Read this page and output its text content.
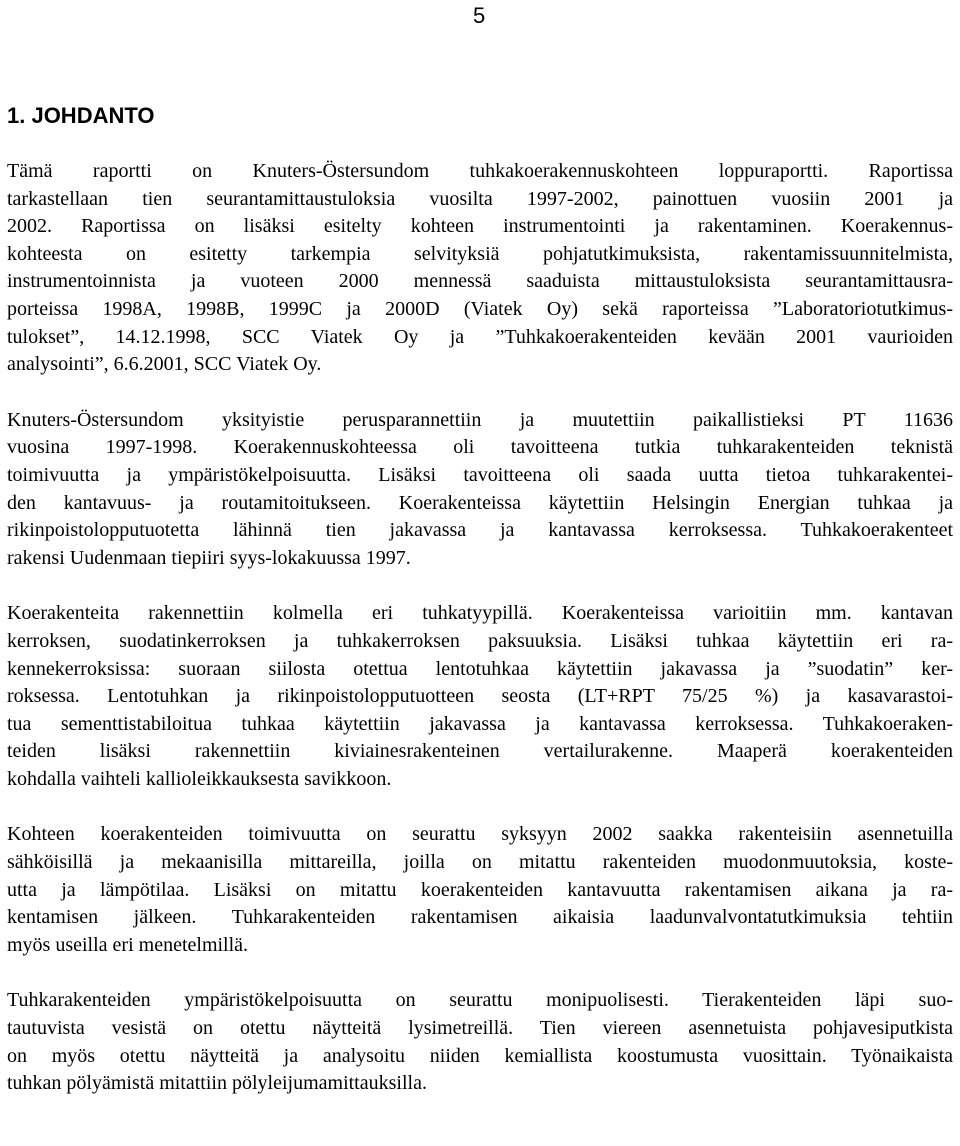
5
1. JOHDANTO

Tämä raportti on Knuters-Östersundom tuhkakoerakennuskohteen loppuraportti. Raportissa
tarkastellaan tien seurantamittaustuloksia vuosilta 1997-2002, painottuen vuosiin 2001 ja
2002. Raportissa on lisäksi esitelty kohteen instrumentointi ja rakentaminen. Koerakennus-
kohteesta on esitetty tarkempia selvityksiä pohjatutkimuksista, rakentamissuunnitelmista,
instrumentoinnista ja vuoteen 2000 mennessä saaduista mittaustuloksista seurantamittausra-
porteissa 1998A, 1998B, 1999C ja 2000D (Viatek Oy) sekä raporteissa ”Laboratoriotutkimus-
tulokset”, 14.12.1998, SCC Viatek Oy ja ”Tuhkakoerakenteiden kevään 2001 vaurioiden
analysointi”, 6.6.2001, SCC Viatek Oy.

Knuters-Östersundom yksityistie perusparannettiin ja muutettiin paikallistieksi PT 11636
vuosina 1997-1998. Koerakennuskohteessa oli tavoitteena tutkia tuhkarakenteiden teknistä
toimivuutta ja ympäristökelpoisuutta. Lisäksi tavoitteena oli saada uutta tietoa tuhkarakentei-
den kantavuus- ja routamitoitukseen. Koerakenteissa käytettiin Helsingin Energian tuhkaa ja
rikinpoistolopputuotetta lähinnä tien jakavassa ja kantavassa kerroksessa. Tuhkakoerakenteet
rakensi Uudenmaan tiepiiri syys-lokakuussa 1997.

Koerakenteita rakennettiin kolmella eri tuhkatyypillä. Koerakenteissa varioitiin mm. kantavan
kerroksen, suodatinkerroksen ja tuhkakerroksen paksuuksia. Lisäksi tuhkaa käytettiin eri ra-
kennekerroksissa: suoraan siilosta otettua lentotuhkaa käytettiin jakavassa ja ”suodatin” ker-
roksessa. Lentotuhkan ja rikinpoistolopputuotteen seosta (LT+RPT 75/25 %) ja kasavarastoi-
tua sementtistabiloitua tuhkaa käytettiin jakavassa ja kantavassa kerroksessa. Tuhkakoeraken-
teiden lisäksi rakennettiin kiviainesrakenteinen vertailurakenne. Maaperä koerakenteiden
kohdalla vaihteli kallioleikkauksesta savikkoon.

Kohteen koerakenteiden toimivuutta on seurattu syksyyn 2002 saakka rakenteisiin asennetuilla
sähköisillä ja mekaanisilla mittareilla, joilla on mitattu rakenteiden muodonmuutoksia, koste-
utta ja lämpötilaa. Lisäksi on mitattu koerakenteiden kantavuutta rakentamisen aikana ja ra-
kentamisen jälkeen. Tuhkarakenteiden rakentamisen aikaisia laadunvalvontatutkimuksia tehtiin
myös useilla eri menetelmillä.

Tuhkarakenteiden ympäristökelpoisuutta on seurattu monipuolisesti. Tierakenteiden läpi suo-
tautuvista vesistä on otettu näytteitä lysimetreillä. Tien viereen asennetuista pohjavesiputkista
on myös otettu näytteitä ja analysoitu niiden kemiallista koostumusta vuosittain. Työnaikaista
tuhkan pölyämistä mitattiin pölyleijumamittauksilla.
